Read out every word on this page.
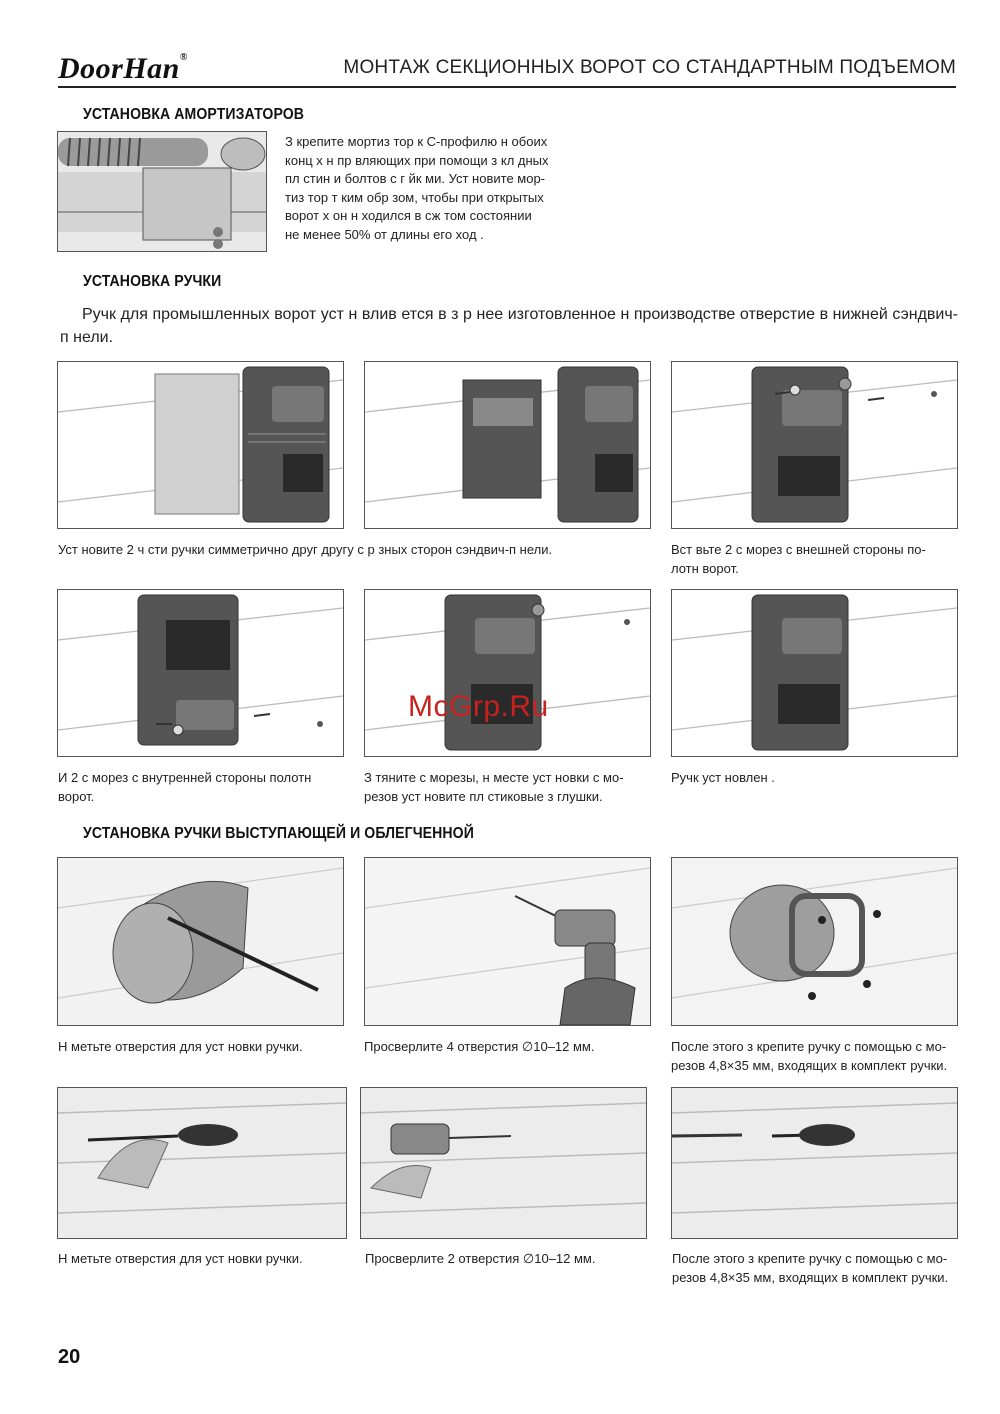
DoorHan®	МОНТАЖ СЕКЦИОННЫХ ВОРОТ СО СТАНДАРТНЫМ ПОДЪЕМОМ
УСТАНОВКА АМОРТИЗАТОРОВ
З крепите мортиз тор к С-профилю н обоих
конц х н пр вляющих при помощи з кл дных
пл стин и болтов с г йк ми. Уст новите мор-
тиз тор т ким обр зом, чтобы при открытых
ворот х он н ходился в сж том состоянии
не менее 50% от длины его ход .
УСТАНОВКА РУЧКИ
Ручк для промышленных ворот уст н влив ется в з р нее изготовленное н производстве отверстие в нижней сэндвич-п нели.
Уст новите 2 ч сти ручки симметрично друг другу с р зных сторон сэндвич-п нели.	Вст вьте 2 с морез с внешней стороны по-
лотн ворот.
И 2 с морез с внутренней стороны полотн
ворот.
З тяните с морезы, н месте уст новки с мо-
резов уст новите пл стиковые з глушки.
Ручк уст новлен .
McGrp.Ru
УСТАНОВКА РУЧКИ ВЫСТУПАЮЩЕЙ И ОБЛЕГЧЕННОЙ
Н метьте отверстия для уст новки ручки.	Просверлите 4 отверстия ∅10–12 мм.	После этого з крепите ручку с помощью с мо-
резов 4,8×35 мм, входящих в комплект ручки.
Н метьте отверстия для уст новки ручки.	Просверлите 2 отверстия ∅10–12 мм.	После этого з крепите ручку с помощью с мо-
резов 4,8×35 мм, входящих в комплект ручки.
20
